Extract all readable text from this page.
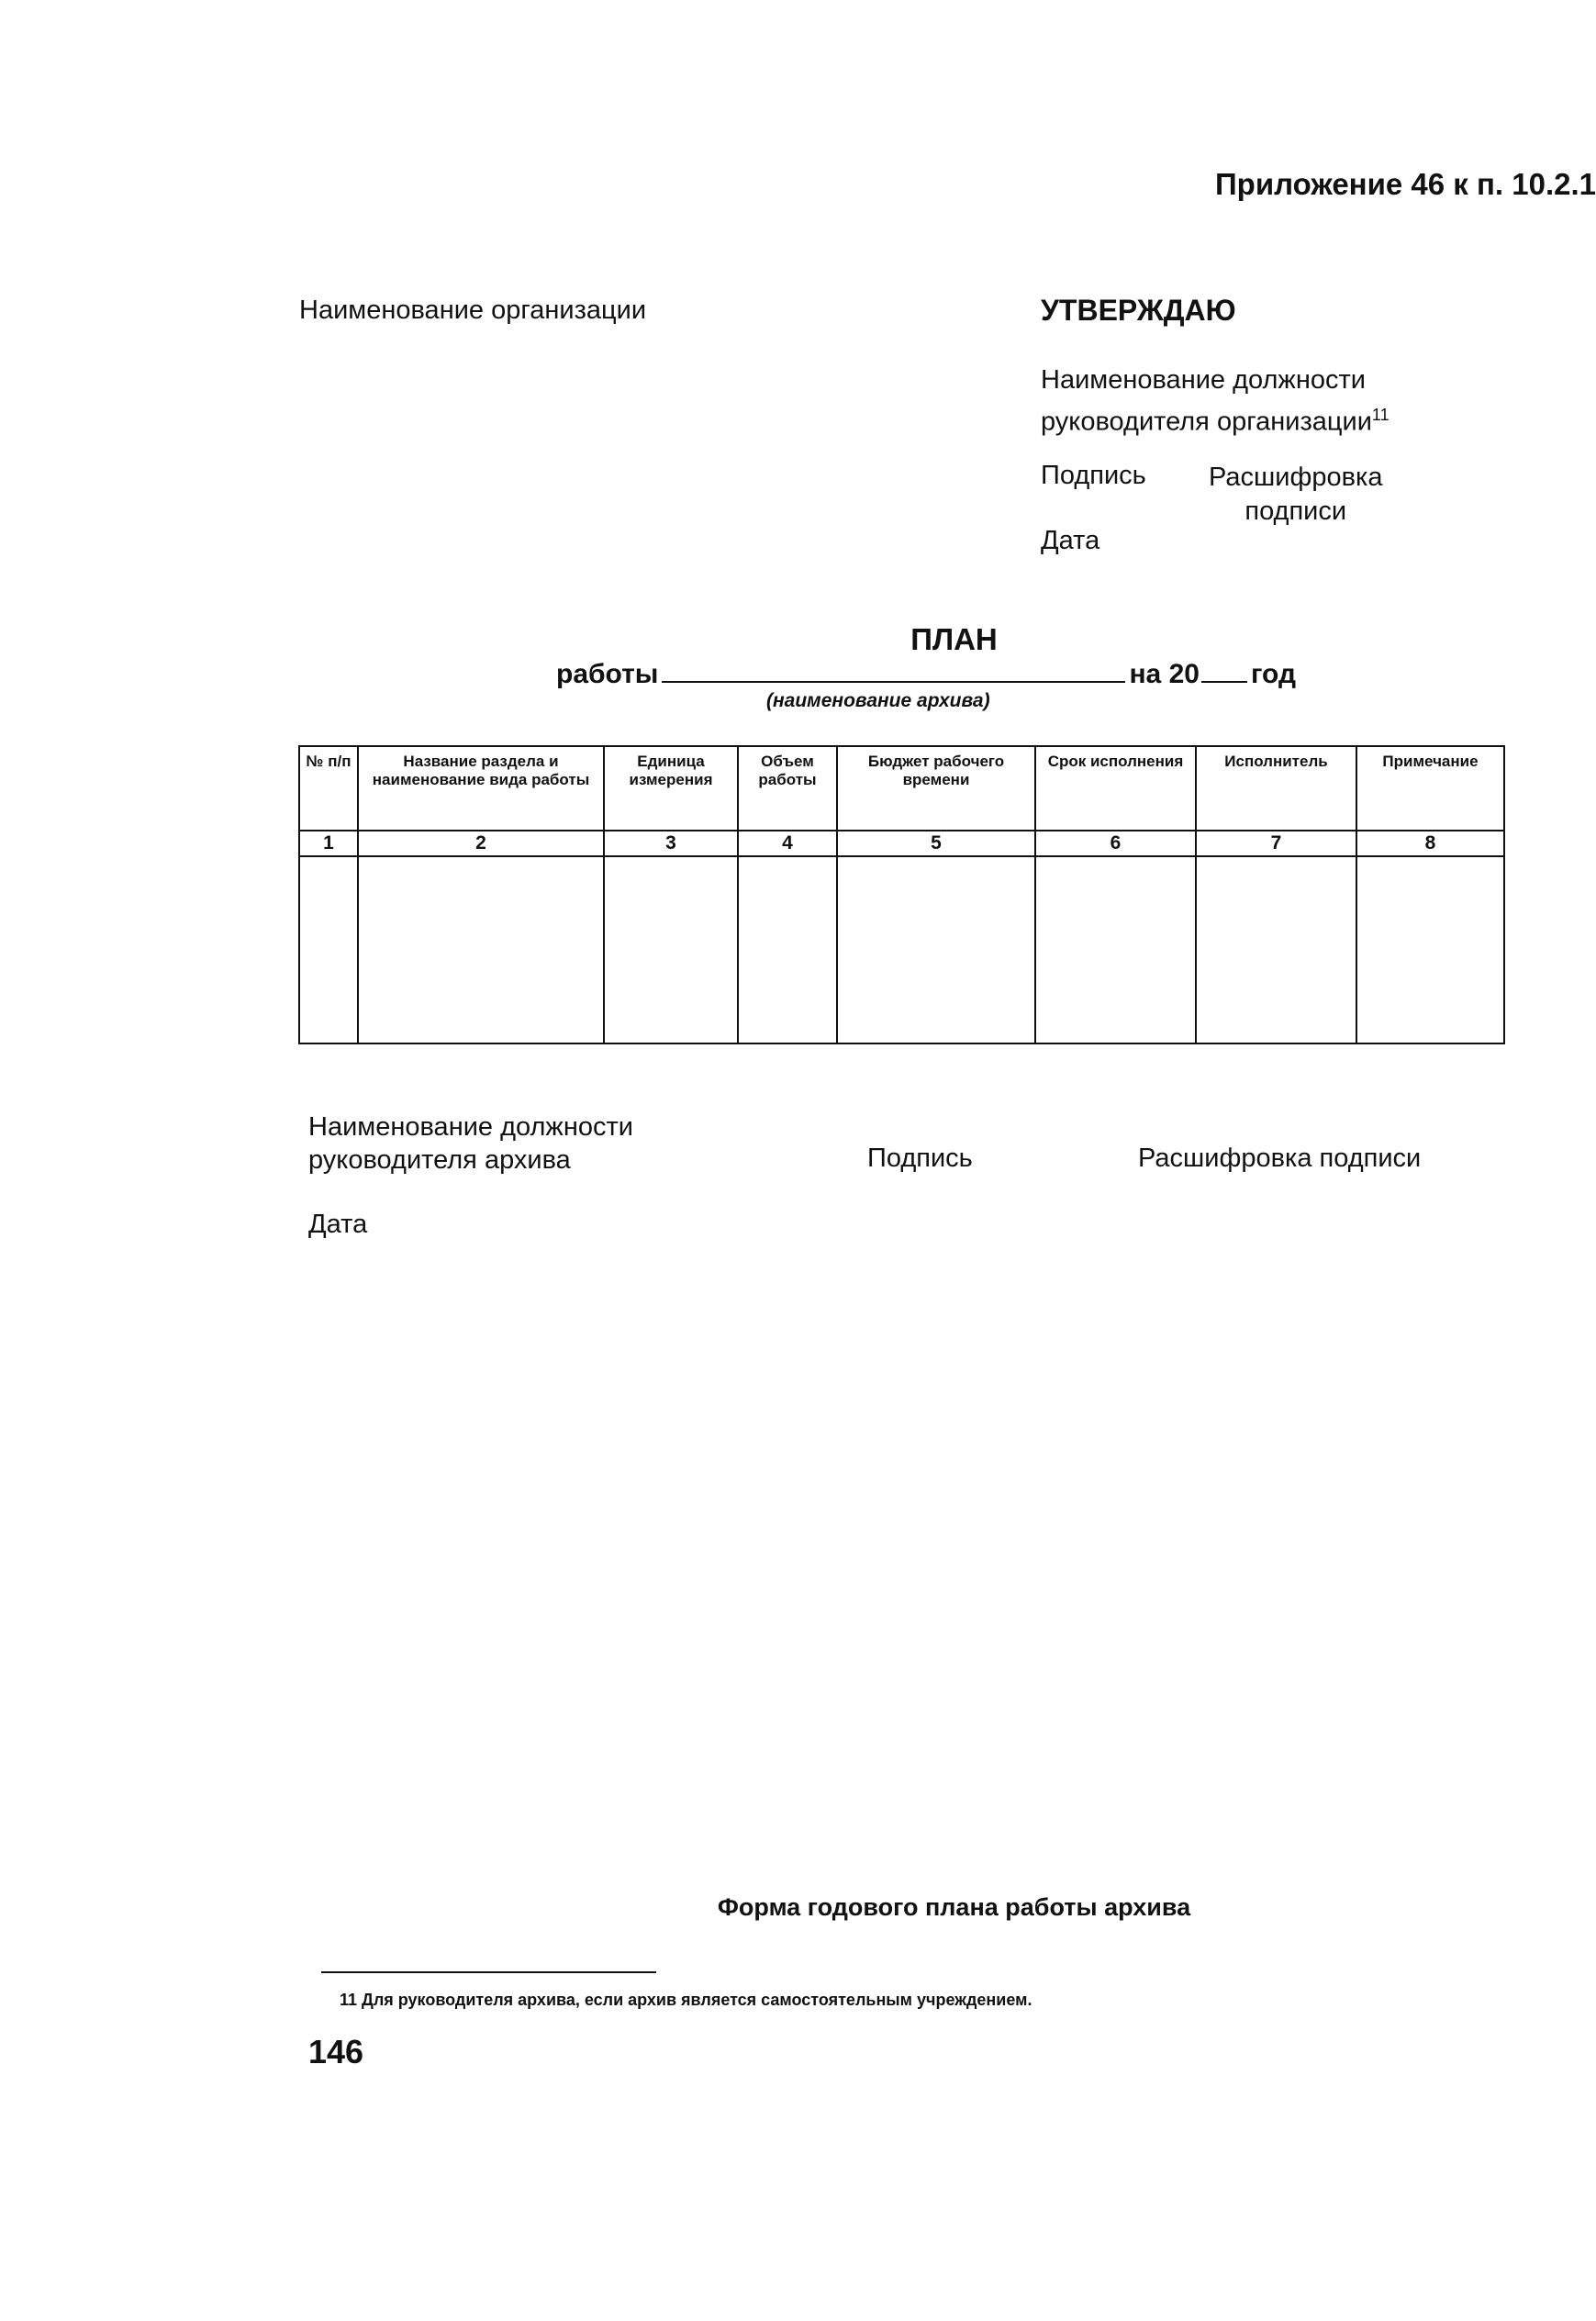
Приложение 46 к п. 10.2.1
Наименование организации	УТВЕРЖДАЮ
Наименование должности
руководителя организации$^{11}$
Подпись Расшифровка
подписи
Дата
ПЛАН
работы	на 20 год
(наименование архива)
№ п/п	Название раздела и наименование вида работы	Единица измерения	Объем работы	Бюджет рабочего времени	Срок исполнения	Исполнитель	Примечание
1	2	3	4	5	6	7	8

Наименование должности
руководителя архива	Подпись	Расшифровка подписи
Дата
Форма годового плана работы архива
11 Для руководителя архива, если архив является самостоятельным учреждением.
146
